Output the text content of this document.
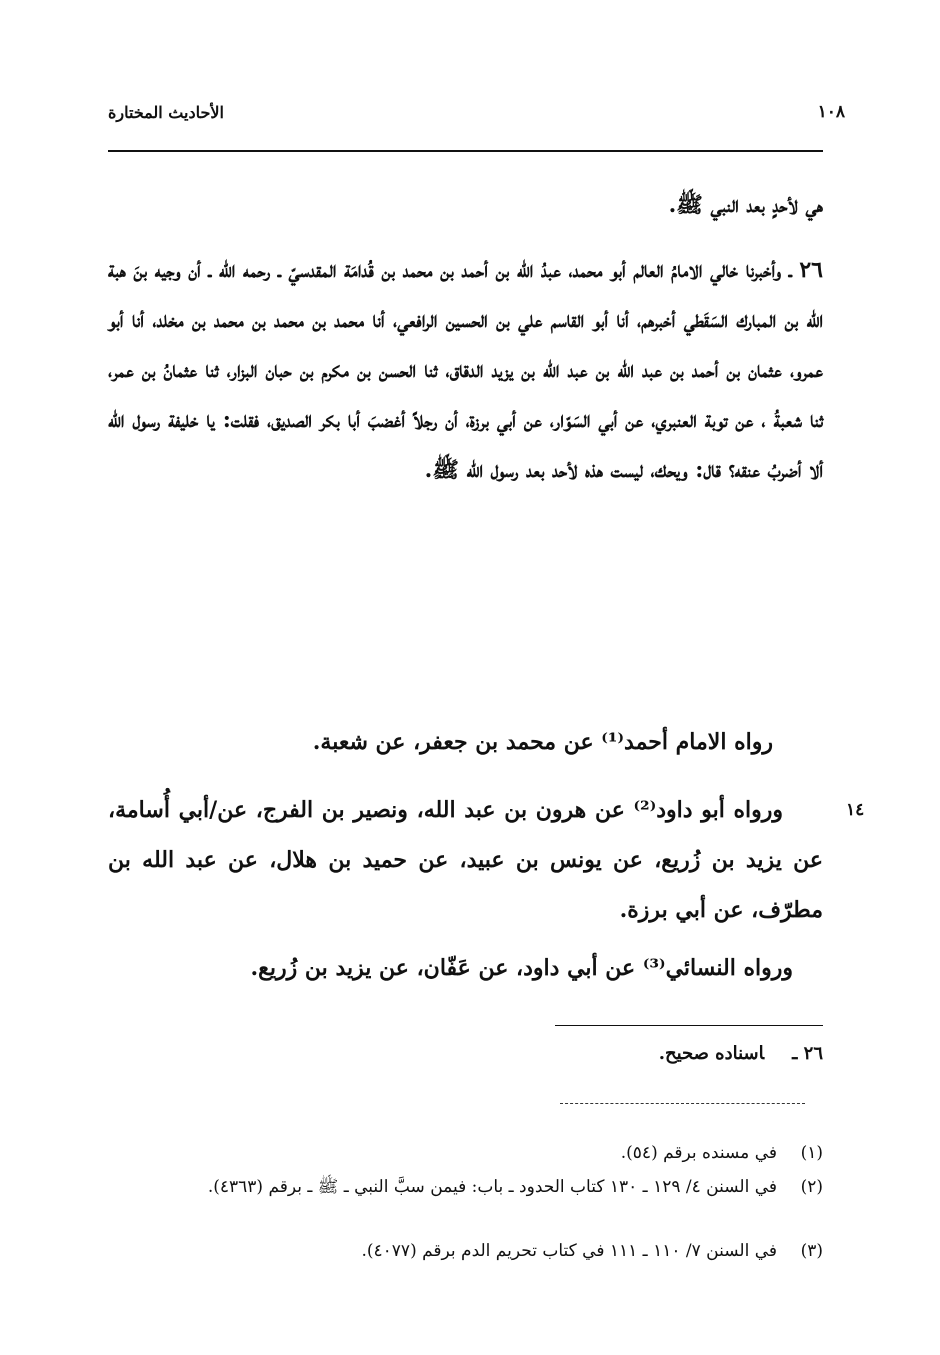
١٠٨
الأحاديث المختارة
هي لأحدٍ بعد النبي ﷺ.
٢٦ ـ وأخبرنا خالي الامامُ العالم أبو محمد، عبدُ الله بن أحمد بن محمد بن قُدامَة المقدسيّ ـ رحمه الله ـ أن وجيه بنَ هبة الله بن المبارك السَقَطي أخبرهم، أنا أبو القاسم علي بن الحسين الرافعي، أنا محمد بن محمد بن محمد بن مخلد، أنا أبو عمرو، عثمان بن أحمد بن عبد الله بن عبد الله بن يزيد الدقاق، ثنا الحسن بن مكرم بن حبان البزار، ثنا عثمانُ بن عمر، ثنا شعبةُ ، عن توبة العنبري، عن أبي السَوّار، عن أبي برزة، أن رجلاً أغضبَ أبا بكر الصديق، فقلت: يا خليفة رسول الله ألا أضربُ عنقه؟ قال: ويحك، ليست هذه لأحد بعد رسول الله ﷺ.
رواه الامام أحمد⁽¹⁾ عن محمد بن جعفر، عن شعبة.
١٤
ورواه أبو داود⁽²⁾ عن هرون بن عبد الله، ونصير بن الفرج، عن/أبي أُسامة، عن يزيد بن زُريع، عن يونس بن عبيد، عن حميد بن هلال، عن عبد الله بن مطرّف، عن أبي برزة.
ورواه النسائي⁽³⁾ عن أبي داود، عن عَفّان، عن يزيد بن زُريع.
٢٦ ـاسناده صحيح.
(١)
في مسنده برقم (٥٤).
(٢)
في السنن ٤/ ١٢٩ ـ ١٣٠ كتاب الحدود ـ باب: فيمن سبَّ النبي ـ ﷺ ـ برقم (٤٣٦٣).
(٣)
في السنن ٧/ ١١٠ ـ ١١١ في كتاب تحريم الدم برقم (٤٠٧٧).
